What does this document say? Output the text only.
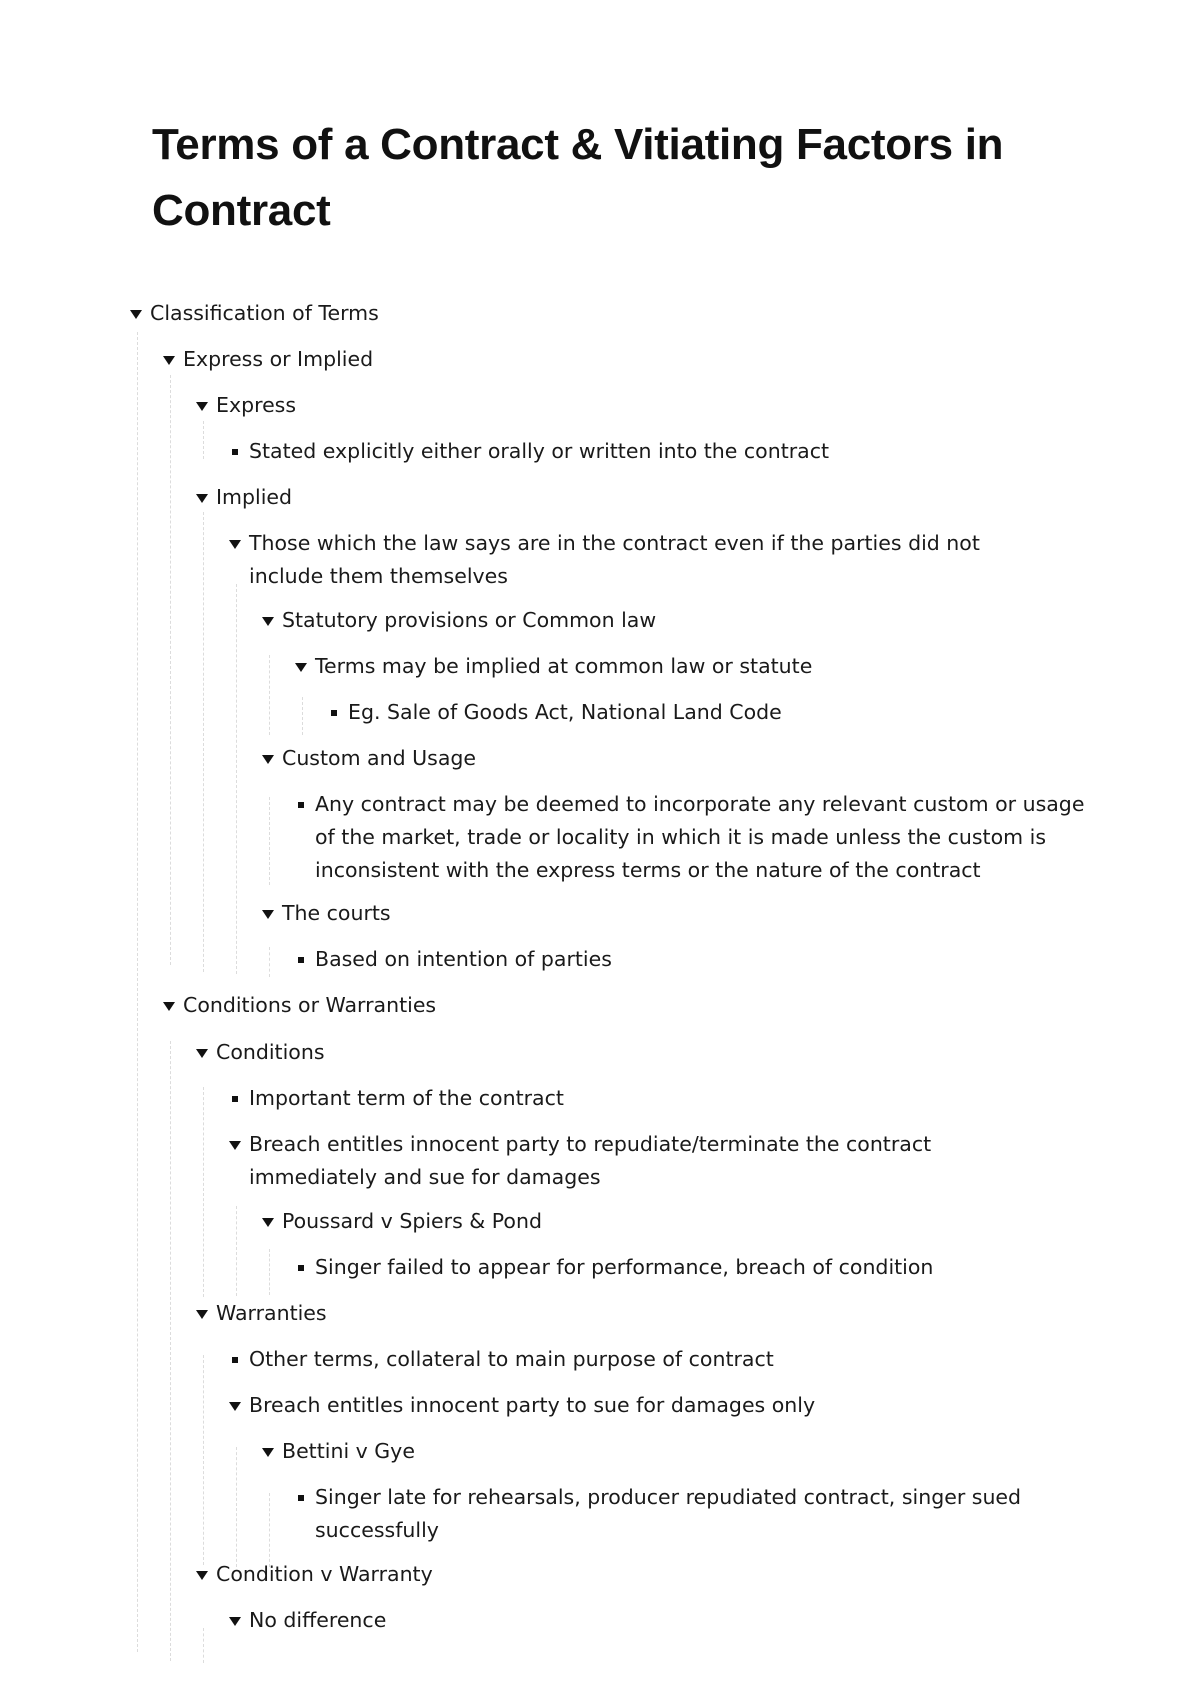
Terms of a Contract & Vitiating Factors in Contract
Classification of Terms
Express or Implied
Express
Stated explicitly either orally or written into the contract
Implied
Those which the law says are in the contract even if the parties did not include them themselves
Statutory provisions or Common law
Terms may be implied at common law or statute
Eg. Sale of Goods Act, National Land Code
Custom and Usage
Any contract may be deemed to incorporate any relevant custom or usage of the market, trade or locality in which it is made unless the custom is inconsistent with the express terms or the nature of the contract
The courts
Based on intention of parties
Conditions or Warranties
Conditions
Important term of the contract
Breach entitles innocent party to repudiate/terminate the contract immediately and sue for damages
Poussard v Spiers & Pond
Singer failed to appear for performance, breach of condition
Warranties
Other terms, collateral to main purpose of contract
Breach entitles innocent party to sue for damages only
Bettini v Gye
Singer late for rehearsals, producer repudiated contract, singer sued successfully
Condition v Warranty
No difference
